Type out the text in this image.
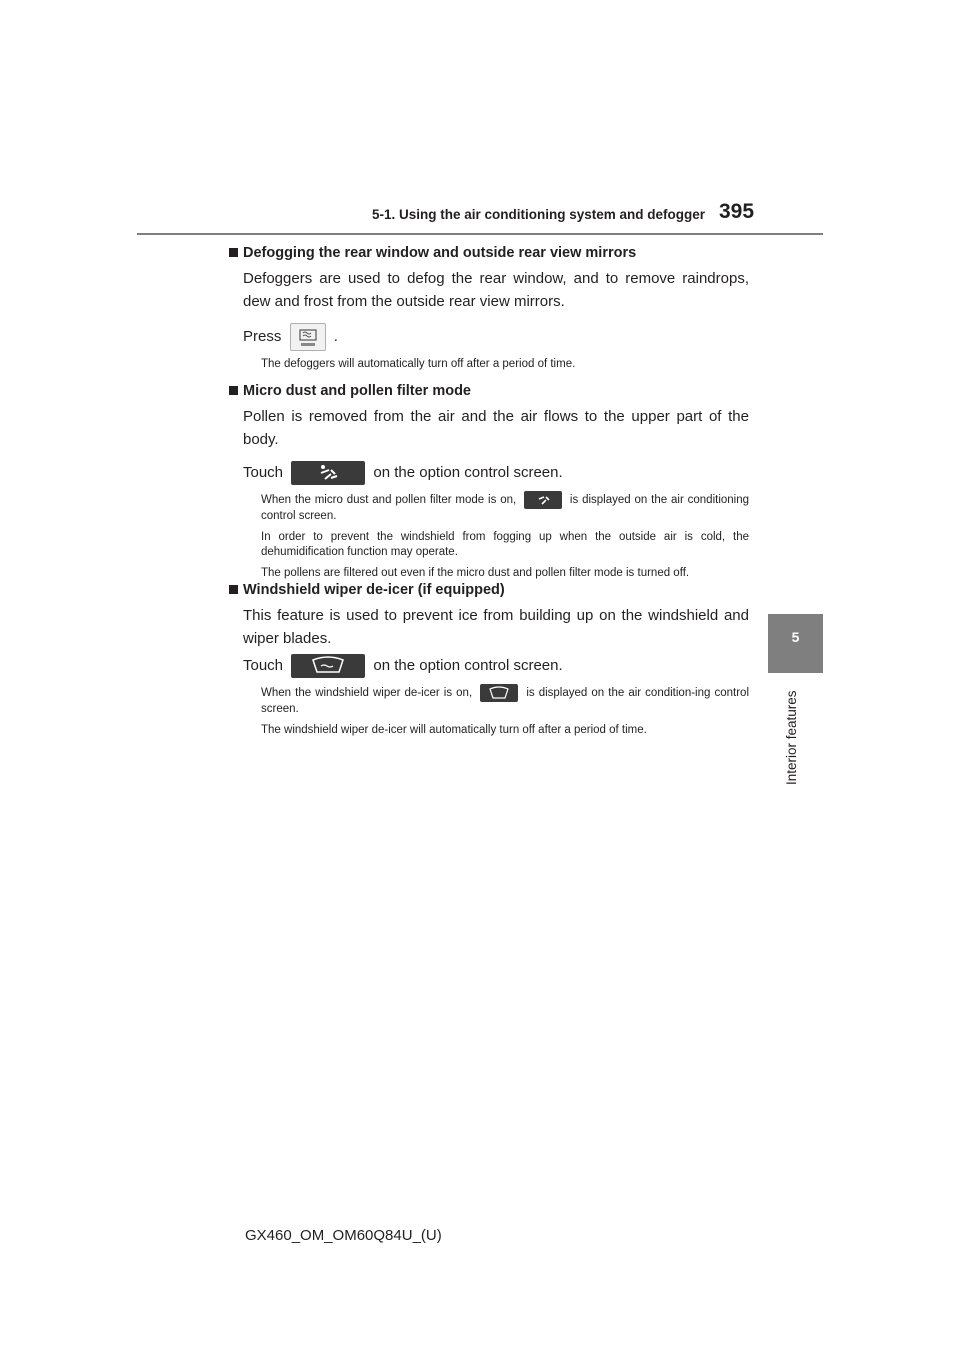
5-1. Using the air conditioning system and defogger 395
5
Interior features

Defogging the rear window and outside rear view mirrors

Defoggers are used to defog the rear window, and to remove raindrops, dew and frost from the outside rear view mirrors.

Press	.

The defoggers will automatically turn off after a period of time.

Micro dust and pollen filter mode

Pollen is removed from the air and the air flows to the upper part of the body.

Touch	on the option control screen.

When the micro dust and pollen filter mode is on,	is displayed on the air conditioning control screen.

In order to prevent the windshield from fogging up when the outside air is cold, the dehumidification function may operate.

The pollens are filtered out even if the micro dust and pollen filter mode is turned off.

Windshield wiper de-icer (if equipped)

This feature is used to prevent ice from building up on the windshield and wiper blades.

Touch	on the option control screen.

When the windshield wiper de-icer is on,	is displayed on the air condition-ing control screen.

The windshield wiper de-icer will automatically turn off after a period of time.

GX460_OM_OM60Q84U_(U)
